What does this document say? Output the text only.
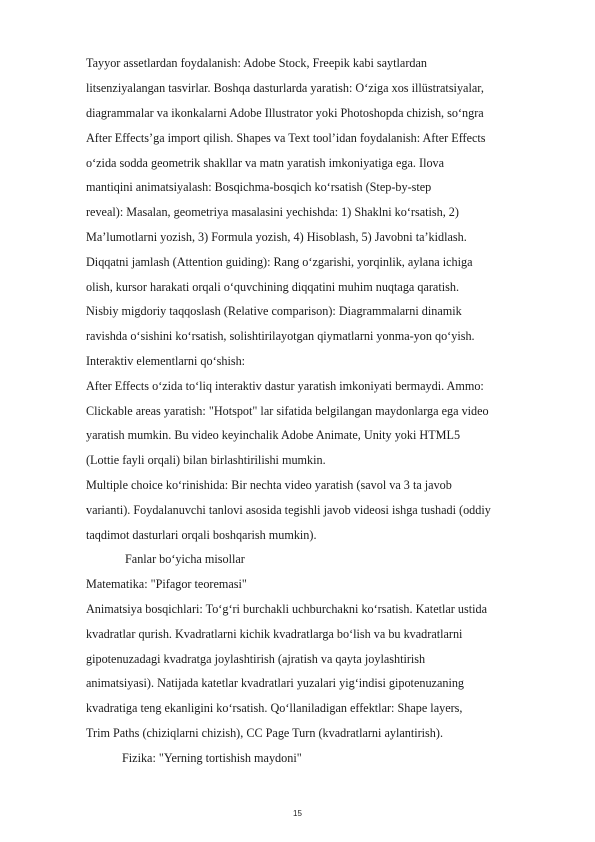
Tayyor assetlardan foydalanish: Adobe Stock, Freepik kabi saytlardan
litsenziyalangan tasvirlar. Boshqa dasturlarda yaratish: O‘ziga xos illüstratsiyalar,
diagrammalar va ikonkalarni Adobe Illustrator yoki Photoshopda chizish, so‘ngra
After Effects’ga import qilish. Shapes va Text tool’idan foydalanish: After Effects
o‘zida sodda geometrik shakllar va matn yaratish imkoniyatiga ega. Ilova
mantiqini animatsiyalash: Bosqichma-bosqich ko‘rsatish (Step-by-step
reveal): Masalan, geometriya masalasini yechishda: 1) Shaklni ko‘rsatish, 2)
Ma’lumotlarni yozish, 3) Formula yozish, 4) Hisoblash, 5) Javobni ta’kidlash.
Diqqatni jamlash (Attention guiding): Rang o‘zgarishi, yorqinlik, aylana ichiga
olish, kursor harakati orqali o‘quvchining diqqatini muhim nuqtaga qaratish.
Nisbiy migdoriy taqqoslash (Relative comparison): Diagrammalarni dinamik
ravishda o‘sishini ko‘rsatish, solishtirilayotgan qiymatlarni yonma-yon qo‘yish.
Interaktiv elementlarni qo‘shish:
After Effects o‘zida to‘liq interaktiv dastur yaratish imkoniyati bermaydi. Ammo:
Clickable areas yaratish: "Hotspot" lar sifatida belgilangan maydonlarga ega video
yaratish mumkin. Bu video keyinchalik Adobe Animate, Unity yoki HTML5
(Lottie fayli orqali) bilan birlashtirilishi mumkin.
Multiple choice ko‘rinishida: Bir nechta video yaratish (savol va 3 ta javob
varianti). Foydalanuvchi tanlovi asosida tegishli javob videosi ishga tushadi (oddiy
taqdimot dasturlari orqali boshqarish mumkin).
Fanlar bo‘yicha misollar
Matematika: "Pifagor teoremasi"
Animatsiya bosqichlari: To‘g‘ri burchakli uchburchakni ko‘rsatish. Katetlar ustida
kvadratlar qurish. Kvadratlarni kichik kvadratlarga bo‘lish va bu kvadratlarni
gipotenuzadagi kvadratga joylashtirish (ajratish va qayta joylashtirish
animatsiyasi). Natijada katetlar kvadratlari yuzalari yig‘indisi gipotenuzaning
kvadratiga teng ekanligini ko‘rsatish. Qo‘llaniladigan effektlar: Shape layers,
Trim Paths (chiziqlarni chizish), CC Page Turn (kvadratlarni aylantirish).
Fizika: "Yerning tortishish maydoni"
15
